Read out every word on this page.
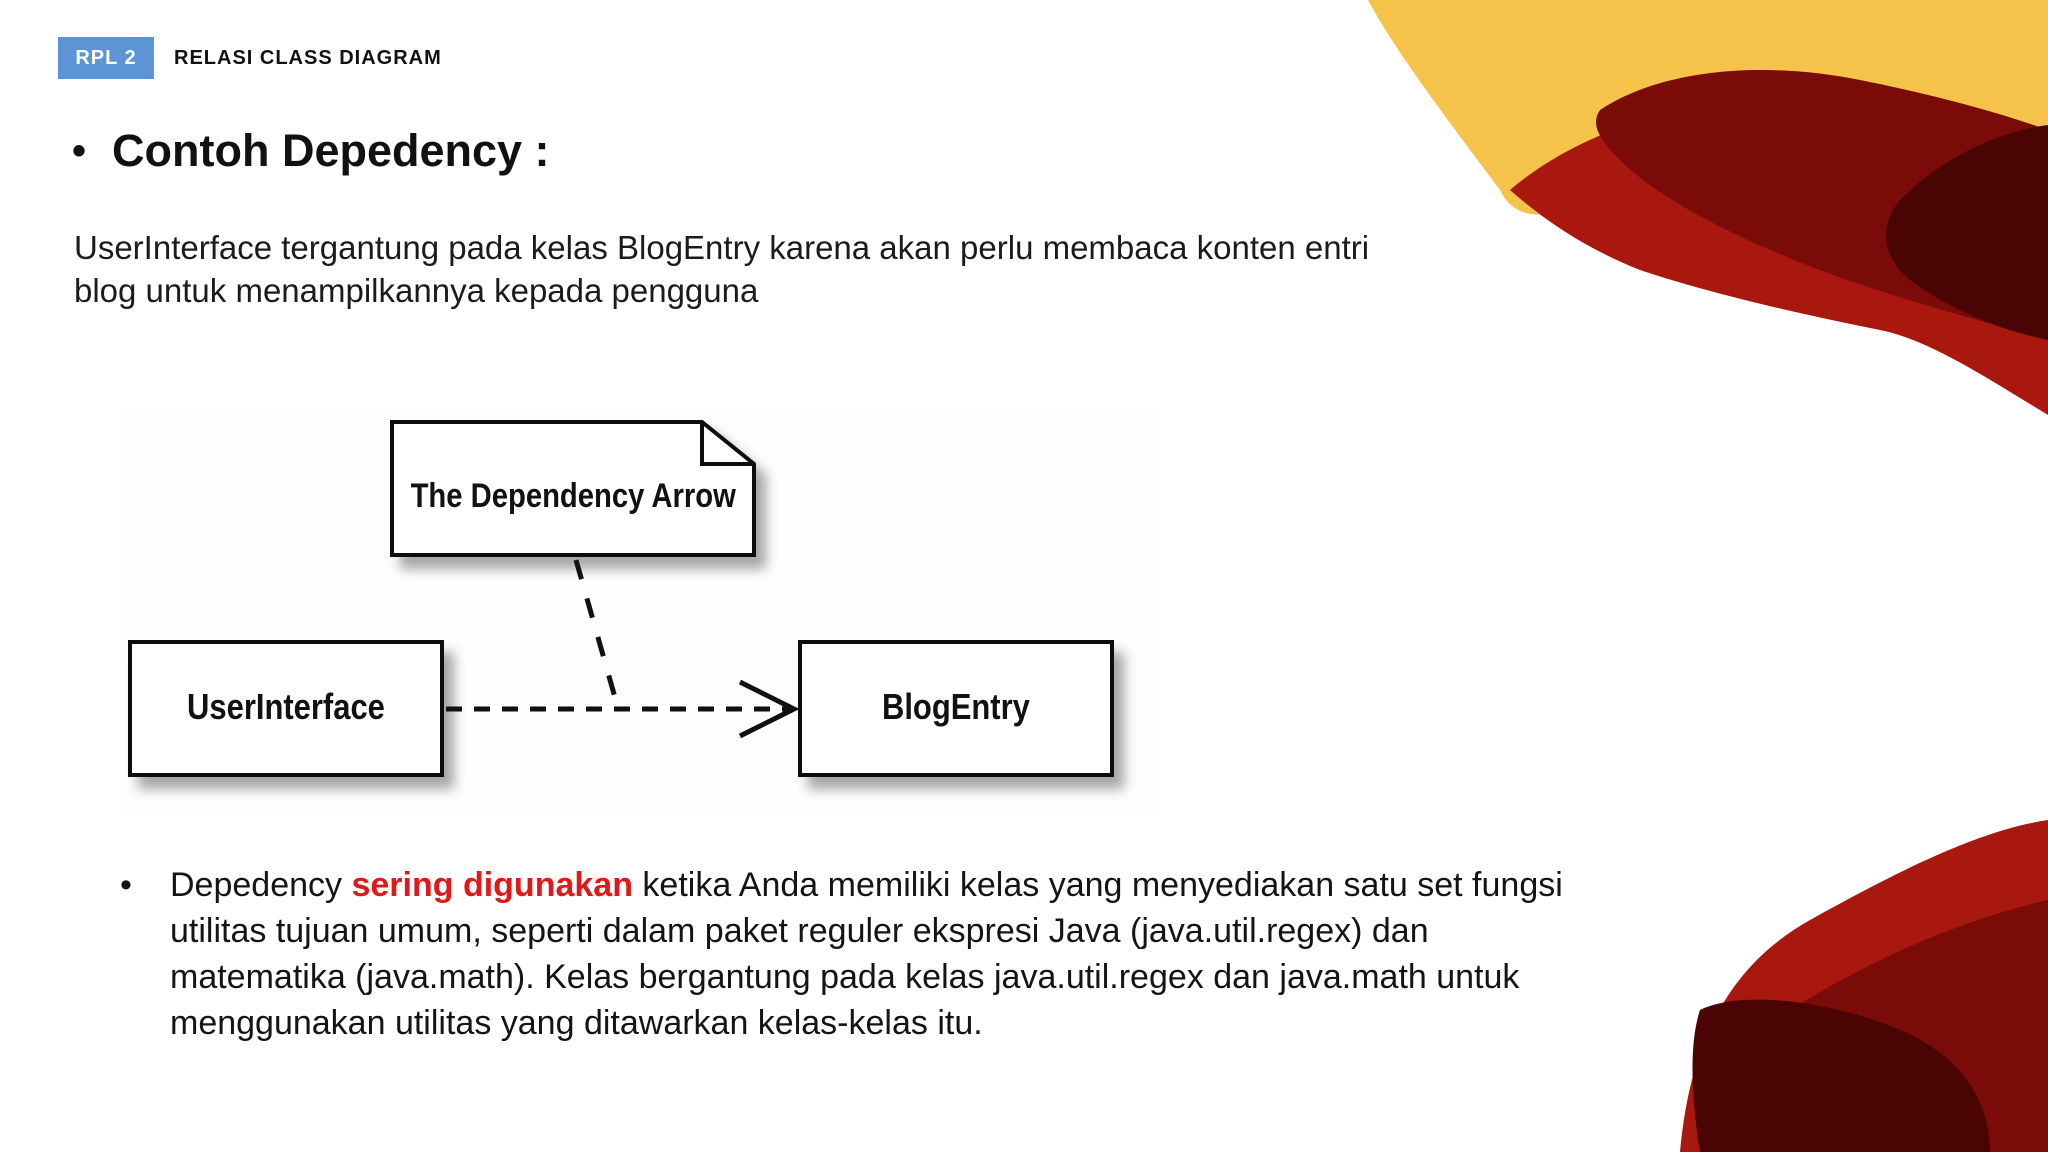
RPL 2	RELASI CLASS DIAGRAM
• Contoh Depedency :
UserInterface tergantung pada kelas BlogEntry karena akan perlu membaca konten entri
blog untuk menampilkannya kepada pengguna
The Dependency Arrow
UserInterface	BlogEntry
• Depedency sering digunakan ketika Anda memiliki kelas yang menyediakan satu set fungsi utilitas tujuan umum, seperti dalam paket reguler ekspresi Java (java.util.regex) dan matematika (java.math). Kelas bergantung pada kelas java.util.regex dan java.math untuk menggunakan utilitas yang ditawarkan kelas-kelas itu.
